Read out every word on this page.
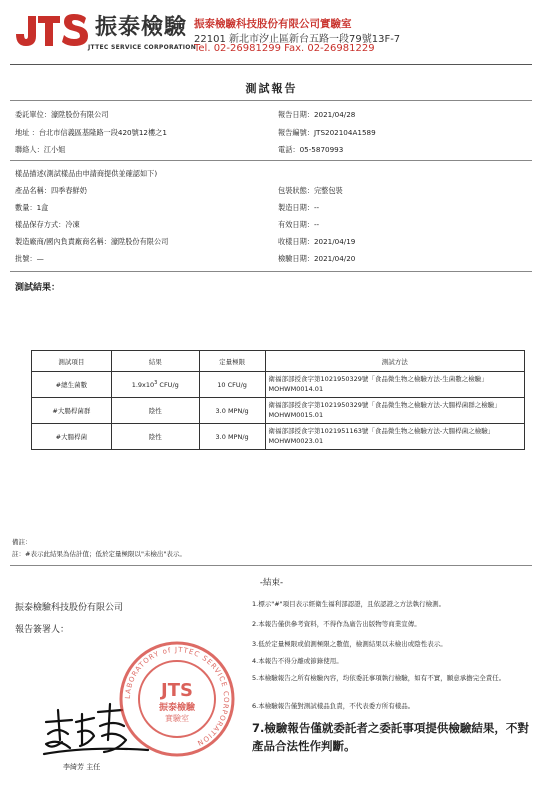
振泰檢驗
JTTEC SERVICE CORPORATION
振泰檢驗科技股份有限公司實驗室
22101 新北市汐止區新台五路一段79號13F-7
Tel. 02-26981299 Fax. 02-26981229
測試報告
委託單位：濠陞股份有限公司	報告日期：2021/04/28
地址 ：台北市信義區基隆路一段420號12樓之1	報告編號：JTS202104A1589
聯絡人：江小姐	電話：05-5870993
樣品描述(測試樣品由申請商提供並確認如下)
產品名稱：四季春鮮奶	包裝狀態：完整包裝
數量：1盒	製造日期：--
樣品保存方式：冷凍	有效日期：--
製造廠商/國內負責廠商名稱：濠陞股份有限公司	收樣日期：2021/04/19
批號：—	檢驗日期：2021/04/20
測試結果：
測試項目	結果	定量極限	測試方法
#總生菌數	$1.9x10^3$ CFU/g	10 CFU/g	衛福部部授食字第1021950329號「食品微生物之檢驗方法-生菌數之檢驗」MOHWM0014.01
#大腸桿菌群	陰性	3.0 MPN/g	衛福部部授食字第1021950329號「食品微生物之檢驗方法-大腸桿菌群之檢驗」MOHWM0015.01
#大腸桿菌	陰性	3.0 MPN/g	衛福部部授食字第1021951163號「食品微生物之檢驗方法-大腸桿菌之檢驗」MOHWM0023.01
備註：
註：#表示此結果為估計值；低於定量極限以"未檢出"表示。
-結束-
振泰檢驗科技股份有限公司
報告簽署人：
李綺芳 主任
JTS
振泰檢驗
實驗室
LABORATORY of JTTEC SERVICE CORPORATION
1.標示"#"項目表示經衛生福利部認證，且依認證之方法執行檢測。
2.本報告僅供參考資料，不得作為廣告出版物等商業宣傳。
3.低於定量極限或偵測極限之數值，檢測結果以未檢出或陰性表示。
4.本報告不得分離或節錄使用。
5.本檢驗報告之所有檢驗內容，均依委託事項執行檢驗，如有不實，願意承擔完全責任。
6.本檢驗報告僅對測試樣品負責，不代表委方所有樣品。
7.檢驗報告僅就委託者之委託事項提供檢驗結果，不對產品合法性作判斷。
